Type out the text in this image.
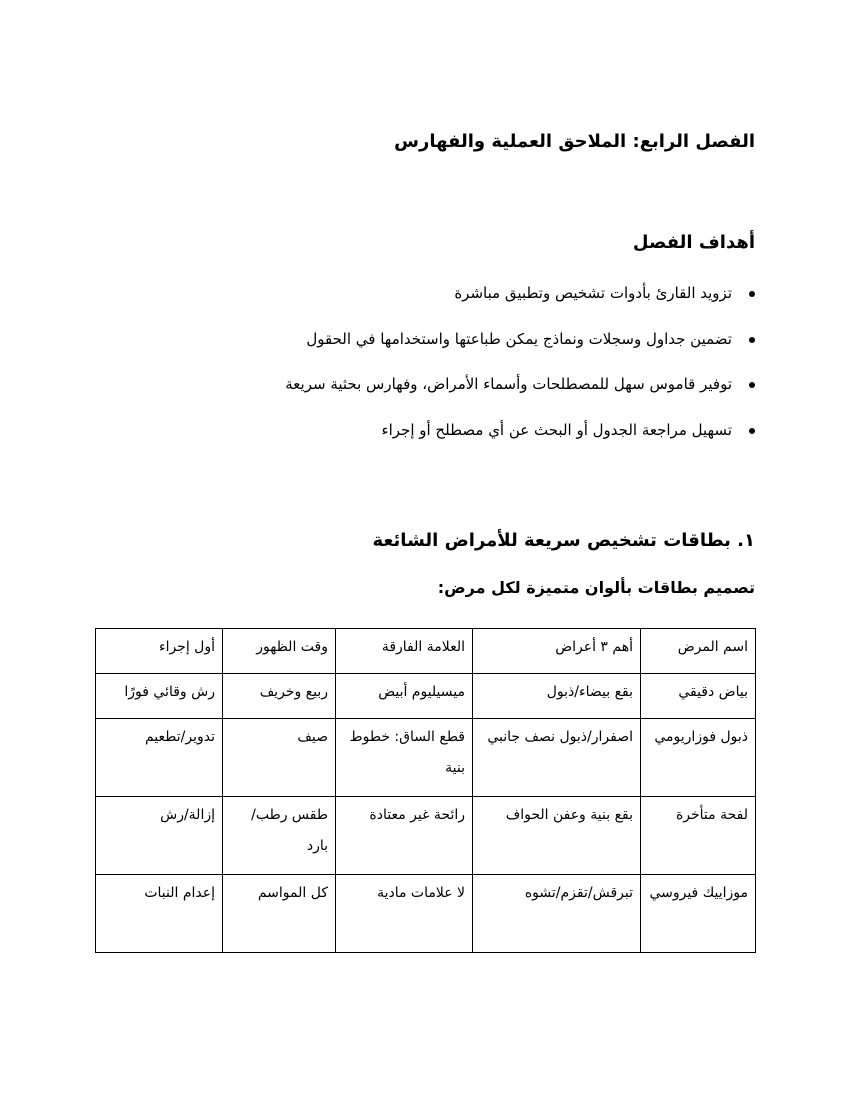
الفصل الرابع: الملاحق العملية والفهارس
أهداف الفصل
تزويد القارئ بأدوات تشخيص وتطبيق مباشرة
تضمين جداول وسجلات ونماذج يمكن طباعتها واستخدامها في الحقول
توفير قاموس سهل للمصطلحات وأسماء الأمراض، وفهارس بحثية سريعة
تسهيل مراجعة الجدول أو البحث عن أي مصطلح أو إجراء
١. بطاقات تشخيص سريعة للأمراض الشائعة
تصميم بطاقات بألوان متميزة لكل مرض:
اسم المرض	أهم ٣ أعراض	العلامة الفارقة	وقت الظهور	أول إجراء
بياض دقيقي	بقع بيضاء/ذبول	ميسيليوم أبيض	ربيع وخريف	رش وقائي فورًا
ذبول فوزاريومي	اصفرار/ذبول نصف جانبي	قطع الساق: خطوط بنية	صيف	تدوير/تطعيم
لفحة متأخرة	بقع بنية وعفن الحواف	رائحة غير معتادة	طقس رطب/بارد	إزالة/رش
موزاييك فيروسي	تبرقش/تقزم/تشوه	لا علامات مادية	كل المواسم	إعدام النبات
